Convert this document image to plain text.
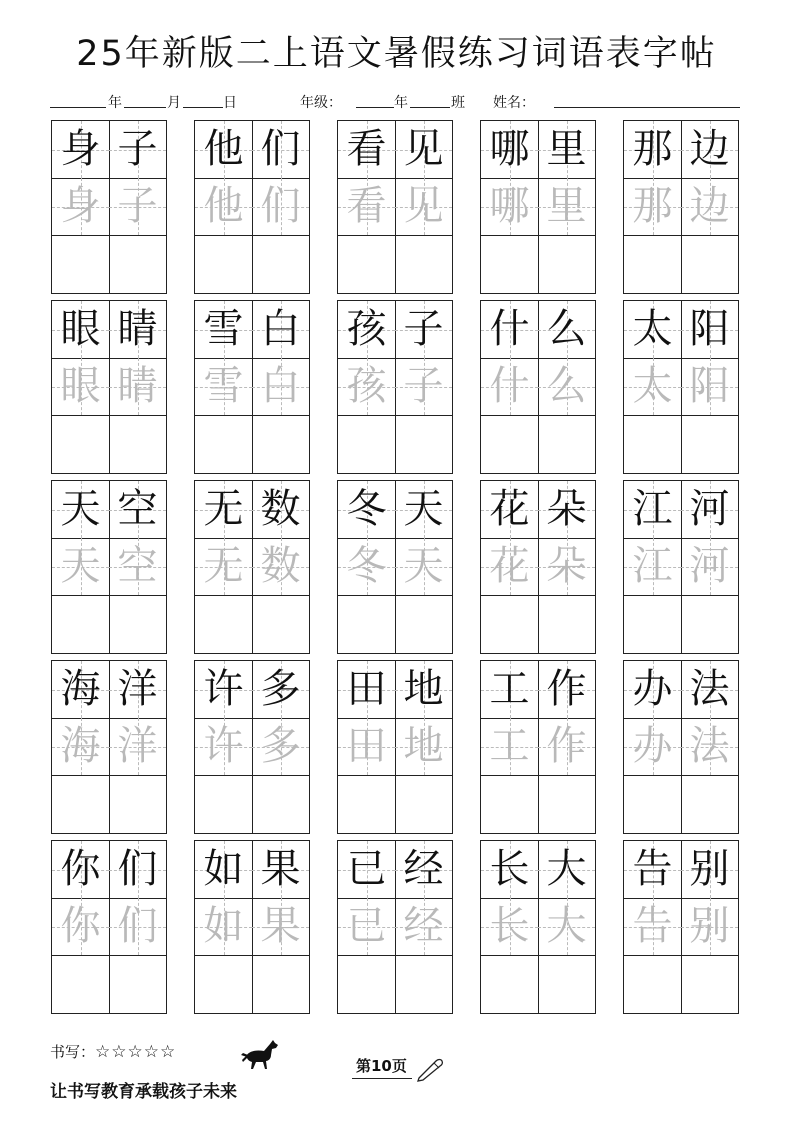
25年新版二上语文暑假练习词语表字帖
年	月	日	年级：	年	班 姓名：
身 子
身 子
他 们
他 们
看 见
看 见
哪 里
哪 里
那 边
那 边
眼 睛
眼 睛
雪 白
雪 白
孩 子
孩 子
什 么
什 么
太 阳
太 阳
天 空
天 空
无 数
无 数
冬 天
冬 天
花 朵
花 朵
江 河
江 河
海 洋
海 洋
许 多
许 多
田 地
田 地
工 作
工 作
办 法
办 法
你 们
你 们
如 果
如 果
已 经
已 经
长 大
长 大
告 别
告 别
书写：☆☆☆☆☆
第10页
让书写教育承载孩子未来
